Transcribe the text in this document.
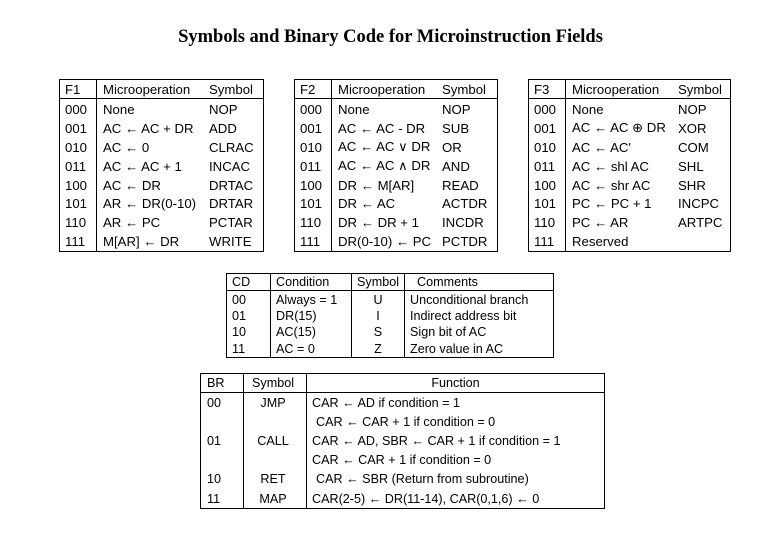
Symbols and Binary Code for Microinstruction Fields
F1	Microoperation	Symbol
000	None	NOP
001	AC ← AC + DR	ADD
010	AC ← 0	CLRAC
011	AC ← AC + 1	INCAC
100	AC ← DR	DRTAC
101	AR ← DR(0-10)	DRTAR
110	AR ← PC	PCTAR
111	M[AR] ← DR	WRITE
F2	Microoperation	Symbol
000	None	NOP
001	AC ← AC - DR	SUB
010	AC ← AC ∨ DR	OR
011	AC ← AC ∧ DR	AND
100	DR ← M[AR]	READ
101	DR ← AC	ACTDR
110	DR ← DR + 1	INCDR
111	DR(0-10) ← PC	PCTDR
F3	Microoperation	Symbol
000	None	NOP
001	AC ← AC ⊕ DR	XOR
010	AC ← AC'	COM
011	AC ← shl AC	SHL
100	AC ← shr AC	SHR
101	PC ← PC + 1	INCPC
110	PC ← AR	ARTPC
111	Reserved	
CD	Condition	Symbol	Comments
00	Always = 1	U	Unconditional branch
01	DR(15)	I	Indirect address bit
10	AC(15)	S	Sign bit of AC
11	AC = 0	Z	Zero value in AC
BR	Symbol	Function
00	JMP	CAR ← AD if condition = 1
		CAR ← CAR + 1 if condition = 0
01	CALL	CAR ← AD, SBR ← CAR + 1 if condition = 1
		CAR ← CAR + 1 if condition = 0
10	RET	CAR ← SBR (Return from subroutine)
11	MAP	CAR(2-5) ← DR(11-14), CAR(0,1,6) ← 0
